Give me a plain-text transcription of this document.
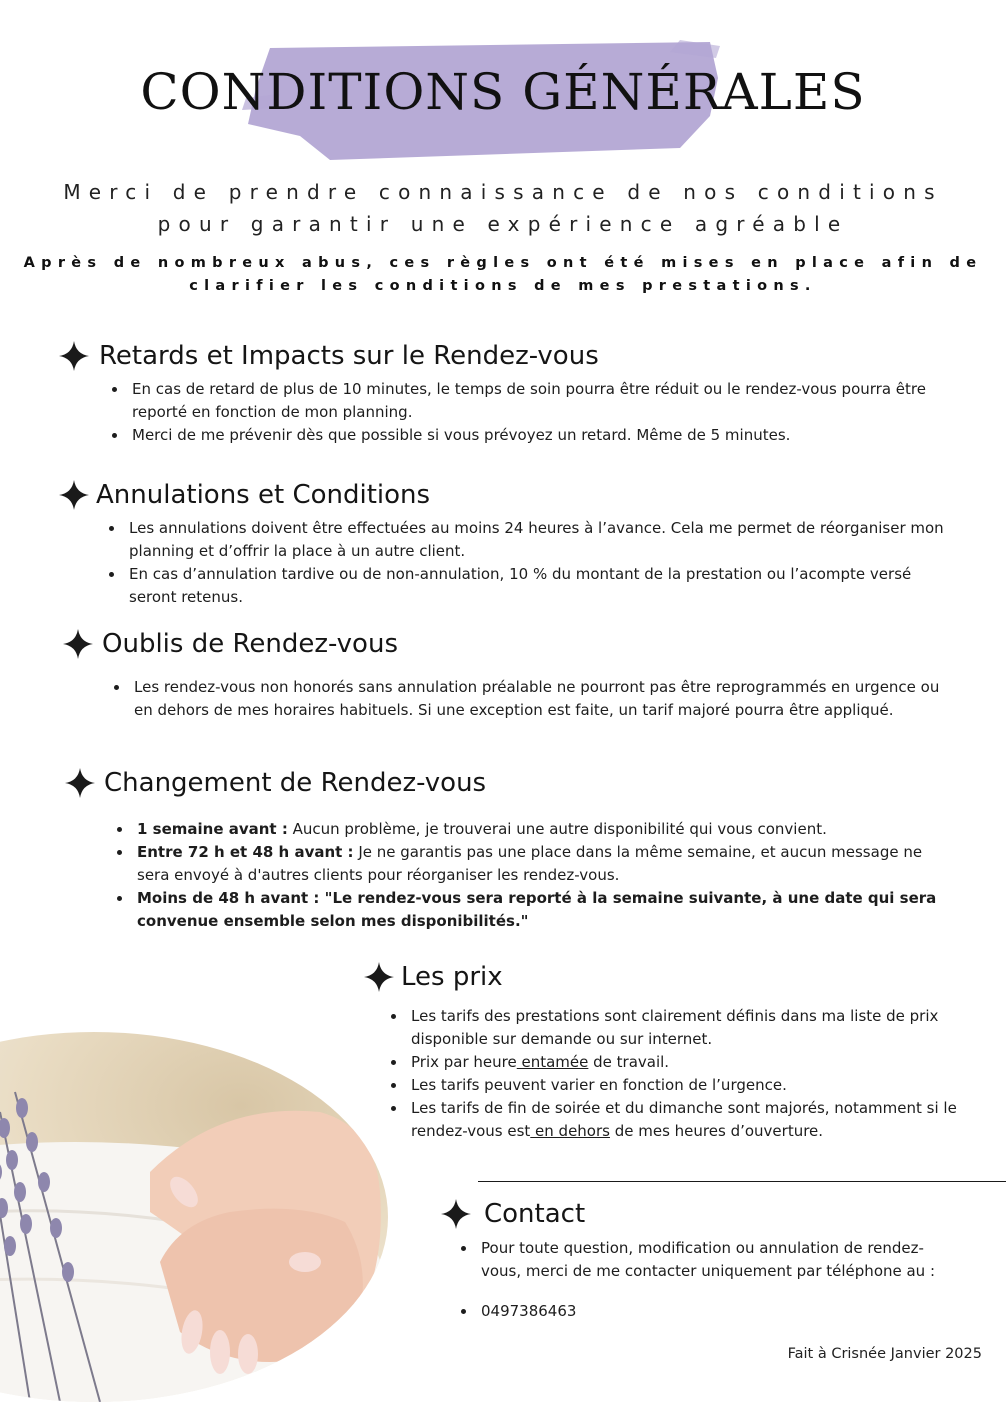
CONDITIONS GÉNÉRALES

Merci de prendre connaissance de nos conditions

pour garantir une expérience agréable

Après de nombreux abus, ces règles ont été mises en place afin de

clarifier les conditions de mes prestations.

Retards et Impacts sur le Rendez-vous
• En cas de retard de plus de 10 minutes, le temps de soin pourra être réduit ou le rendez-vous pourra être reporté en fonction de mon planning.
• Merci de me prévenir dès que possible si vous prévoyez un retard. Même de 5 minutes.
Annulations et Conditions
• Les annulations doivent être effectuées au moins 24 heures à l’avance. Cela me permet de réorganiser mon planning et d’offrir la place à un autre client.
• En cas d’annulation tardive ou de non-annulation, 10 % du montant de la prestation ou l’acompte versé seront retenus.
Oublis de Rendez-vous
• Les rendez-vous non honorés sans annulation préalable ne pourront pas être reprogrammés en urgence ou en dehors de mes horaires habituels. Si une exception est faite, un tarif majoré pourra être appliqué.
Changement de Rendez-vous
• 1 semaine avant : Aucun problème, je trouverai une autre disponibilité qui vous convient.
• Entre 72 h et 48 h avant : Je ne garantis pas une place dans la même semaine, et aucun message ne sera envoyé à d'autres clients pour réorganiser les rendez-vous.
• Moins de 48 h avant : "Le rendez-vous sera reporté à la semaine suivante, à une date qui sera convenue ensemble selon mes disponibilités."
Les prix
• Les tarifs des prestations sont clairement définis dans ma liste de prix disponible sur demande ou sur internet.
• Prix par heure entamée de travail.
• Les tarifs peuvent varier en fonction de l’urgence.
• Les tarifs de fin de soirée et du dimanche sont majorés, notamment si le rendez-vous est en dehors de mes heures d’ouverture.
Contact
• Pour toute question, modification ou annulation de rendez-vous, merci de me contacter uniquement par téléphone au :
• 0497386463

Fait à Crisnée Janvier 2025
